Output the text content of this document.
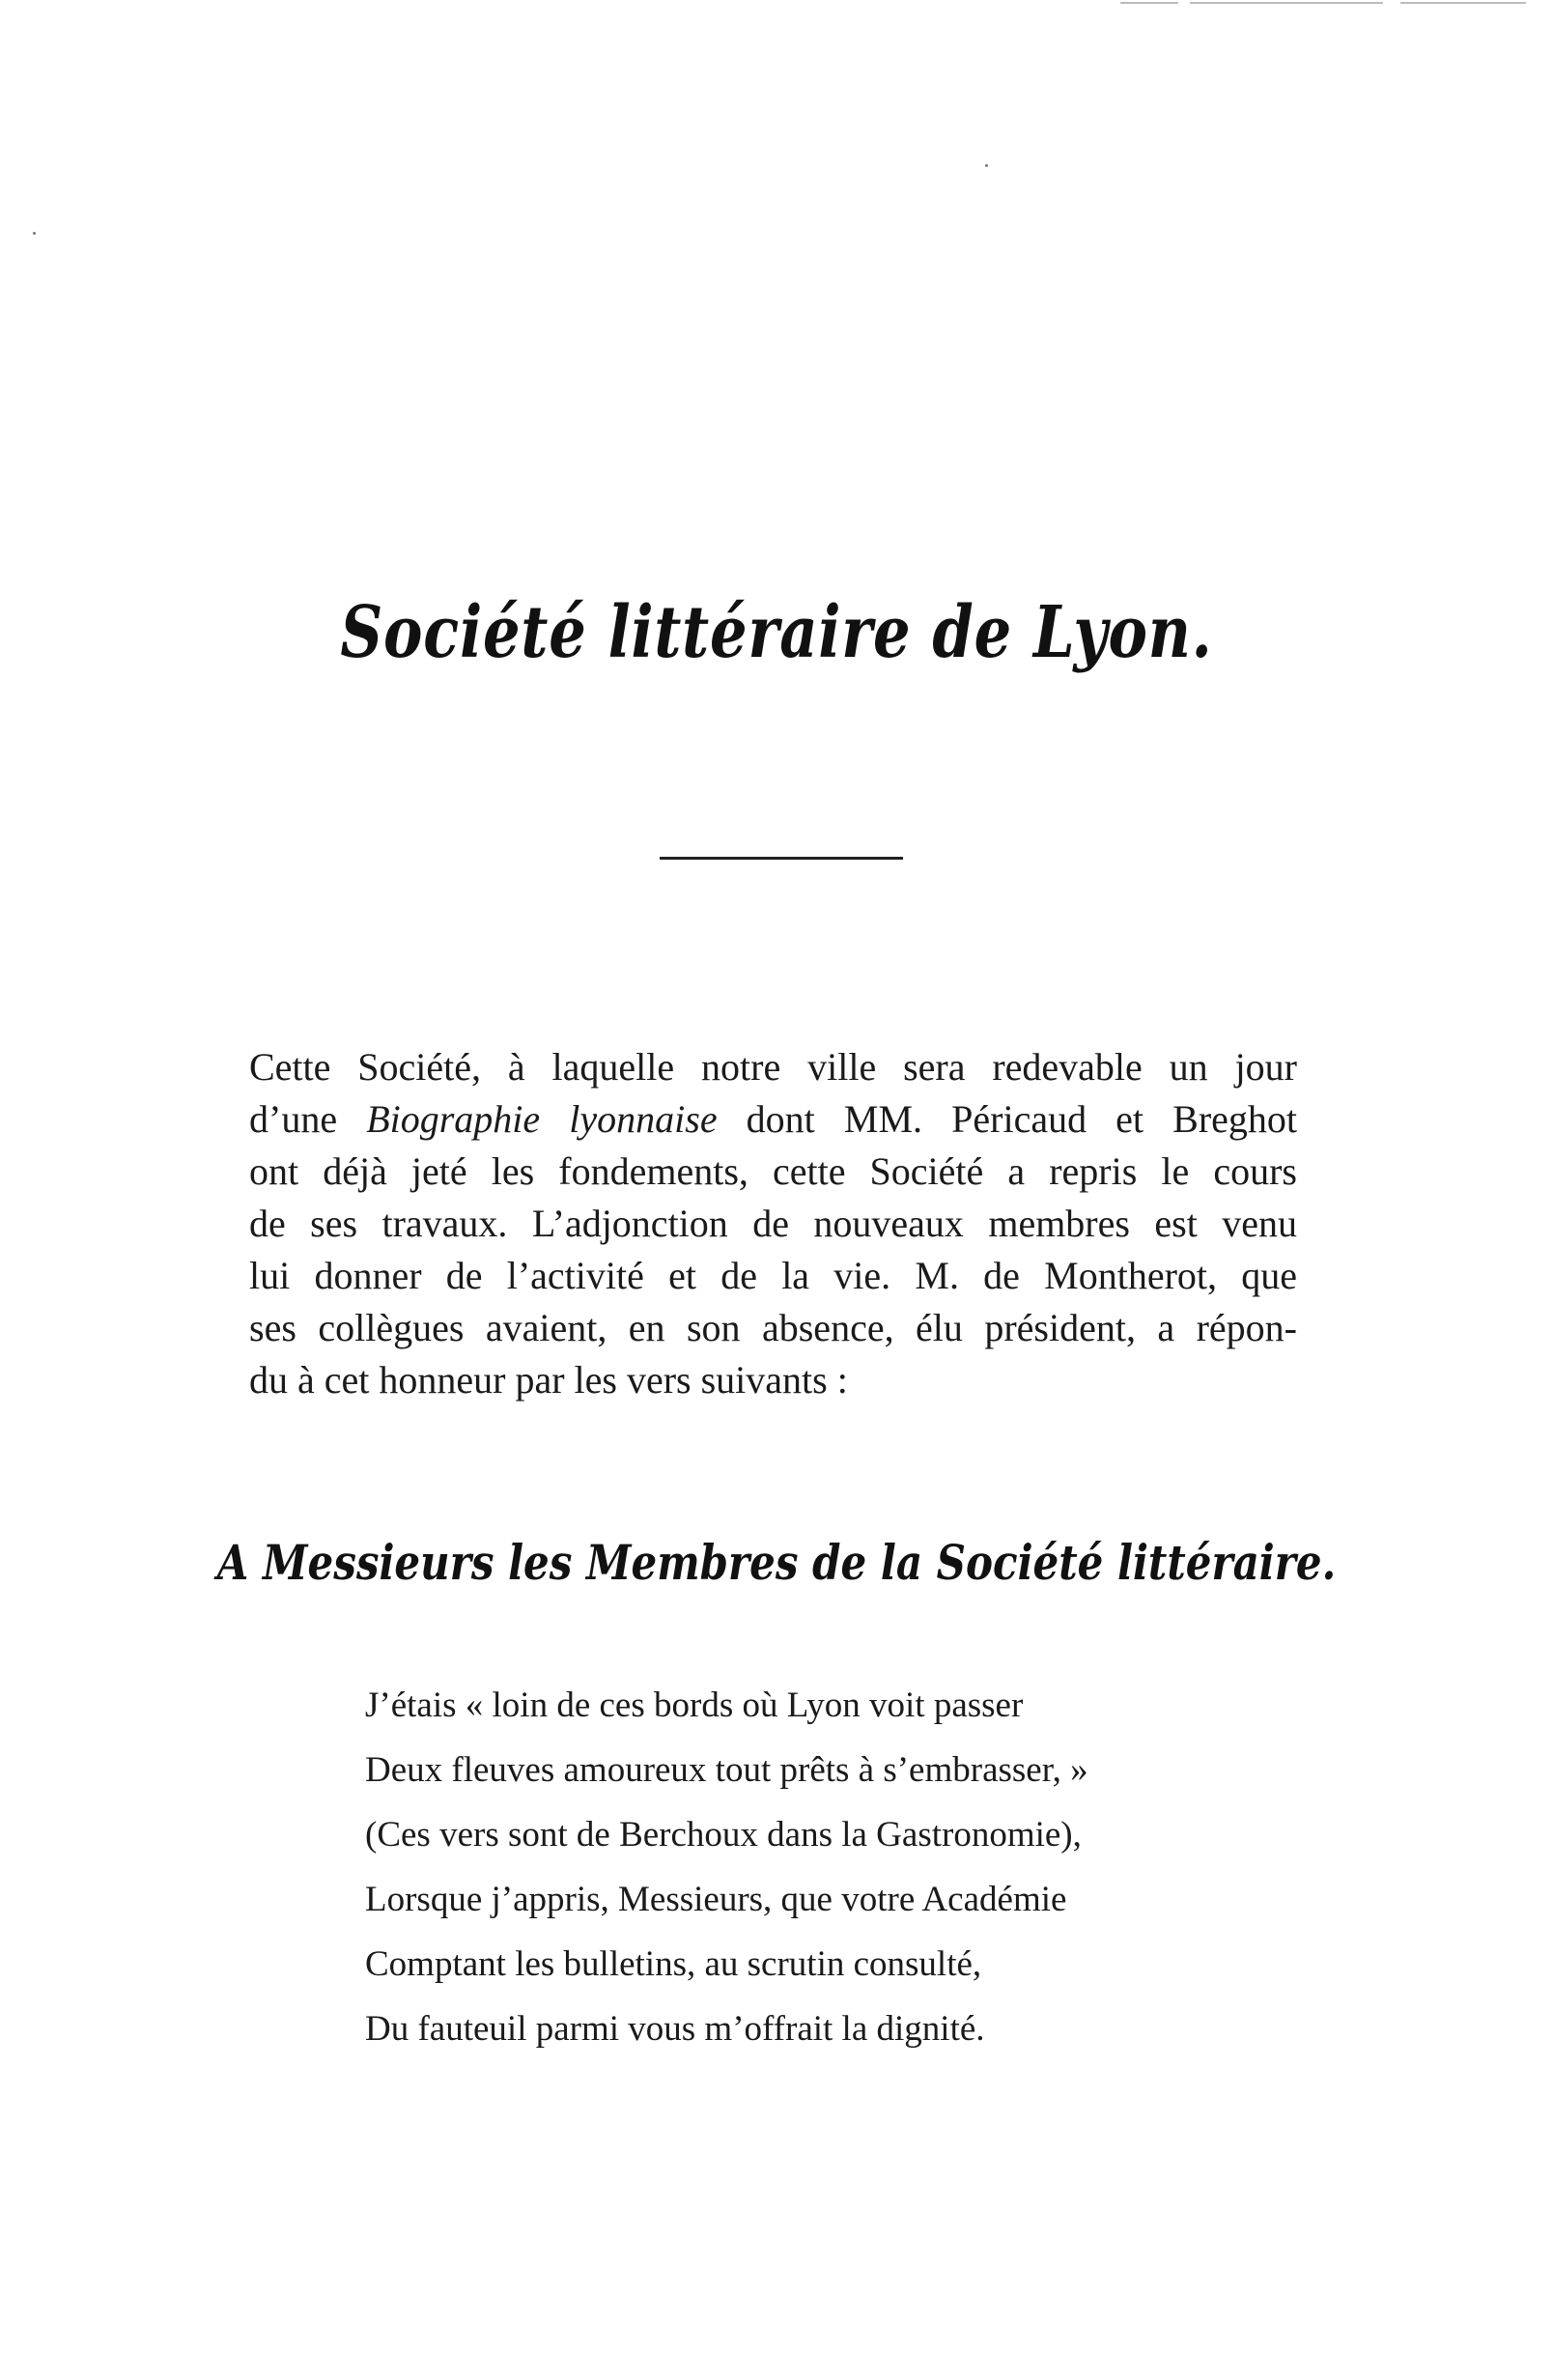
Société littéraire de Lyon.
Cette Société, à laquelle notre ville sera redevable un jour
d’une Biographie lyonnaise dont MM. Péricaud et Breghot
ont déjà jeté les fondements, cette Société a repris le cours
de ses travaux. L’adjonction de nouveaux membres est venu
lui donner de l’activité et de la vie. M. de Montherot, que
ses collègues avaient, en son absence, élu président, a répon-
du à cet honneur par les vers suivants :
A Messieurs les Membres de la Société littéraire.
J’étais « loin de ces bords où Lyon voit passer
Deux fleuves amoureux tout prêts à s’embrasser, »
(Ces vers sont de Berchoux dans la Gastronomie),
Lorsque j’appris, Messieurs, que votre Académie
Comptant les bulletins, au scrutin consulté,
Du fauteuil parmi vous m’offrait la dignité.
